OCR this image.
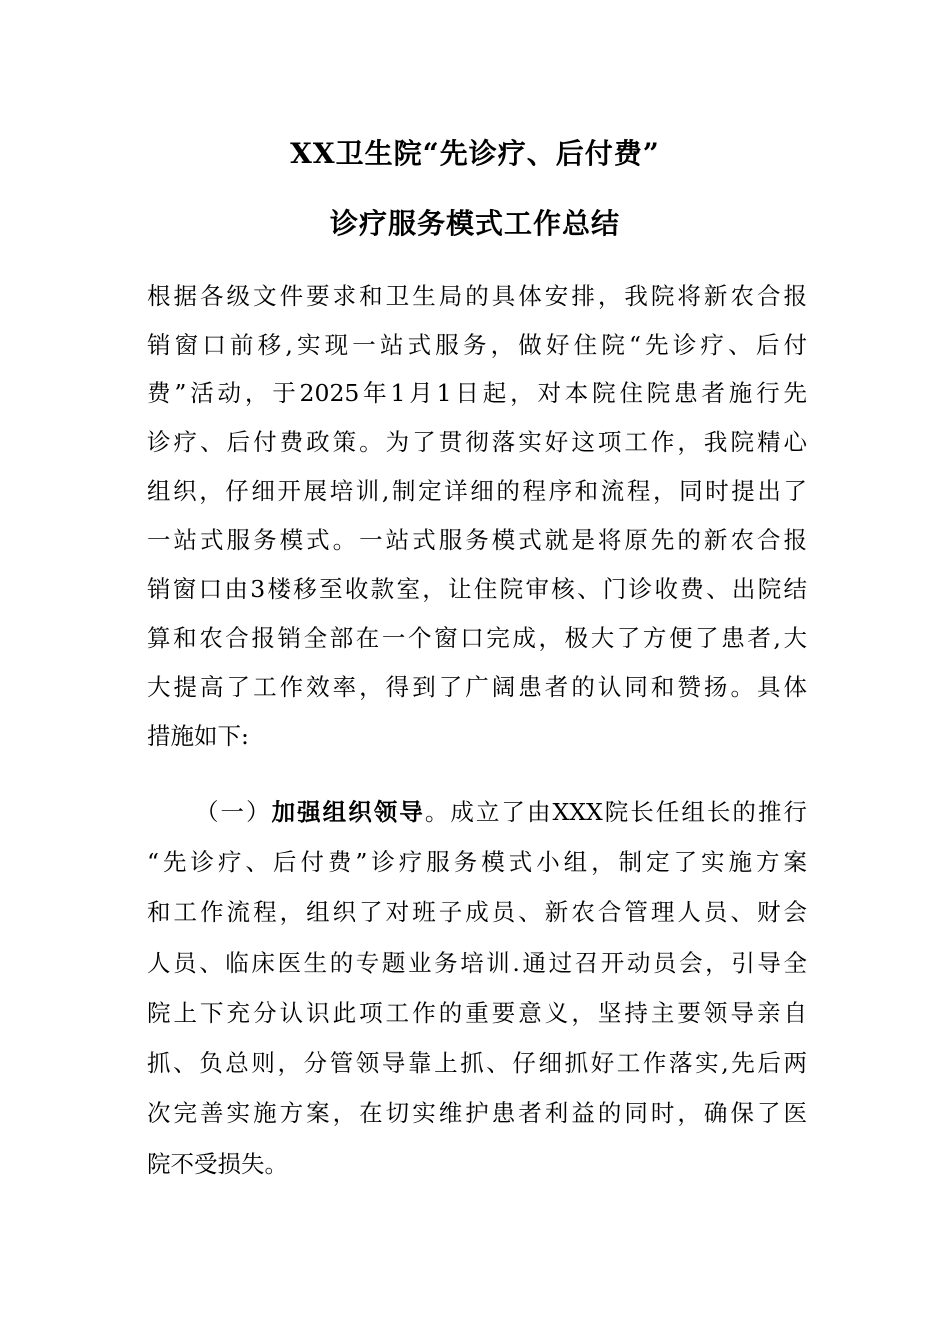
XX卫生院“先诊疗、后付费”
诊疗服务模式工作总结
根据各级文件要求和卫生局的具体安排，我院将新农合报
销窗口前移,实现一站式服务，做好住院“先诊疗、后付
费”活动，于2025年1月1日起，对本院住院患者施行先
诊疗、后付费政策。为了贯彻落实好这项工作，我院精心
组织，仔细开展培训,制定详细的程序和流程，同时提出了
一站式服务模式。一站式服务模式就是将原先的新农合报
销窗口由3楼移至收款室，让住院审核、门诊收费、出院结
算和农合报销全部在一个窗口完成，极大了方便了患者,大
大提高了工作效率，得到了广阔患者的认同和赞扬。具体
措施如下:
（一）加强组织领导。成立了由XXX院长任组长的推行
“先诊疗、后付费”诊疗服务模式小组，制定了实施方案
和工作流程，组织了对班子成员、新农合管理人员、财会
人员、临床医生的专题业务培训.通过召开动员会，引导全
院上下充分认识此项工作的重要意义，坚持主要领导亲自
抓、负总则，分管领导靠上抓、仔细抓好工作落实,先后两
次完善实施方案，在切实维护患者利益的同时，确保了医
院不受损失。
